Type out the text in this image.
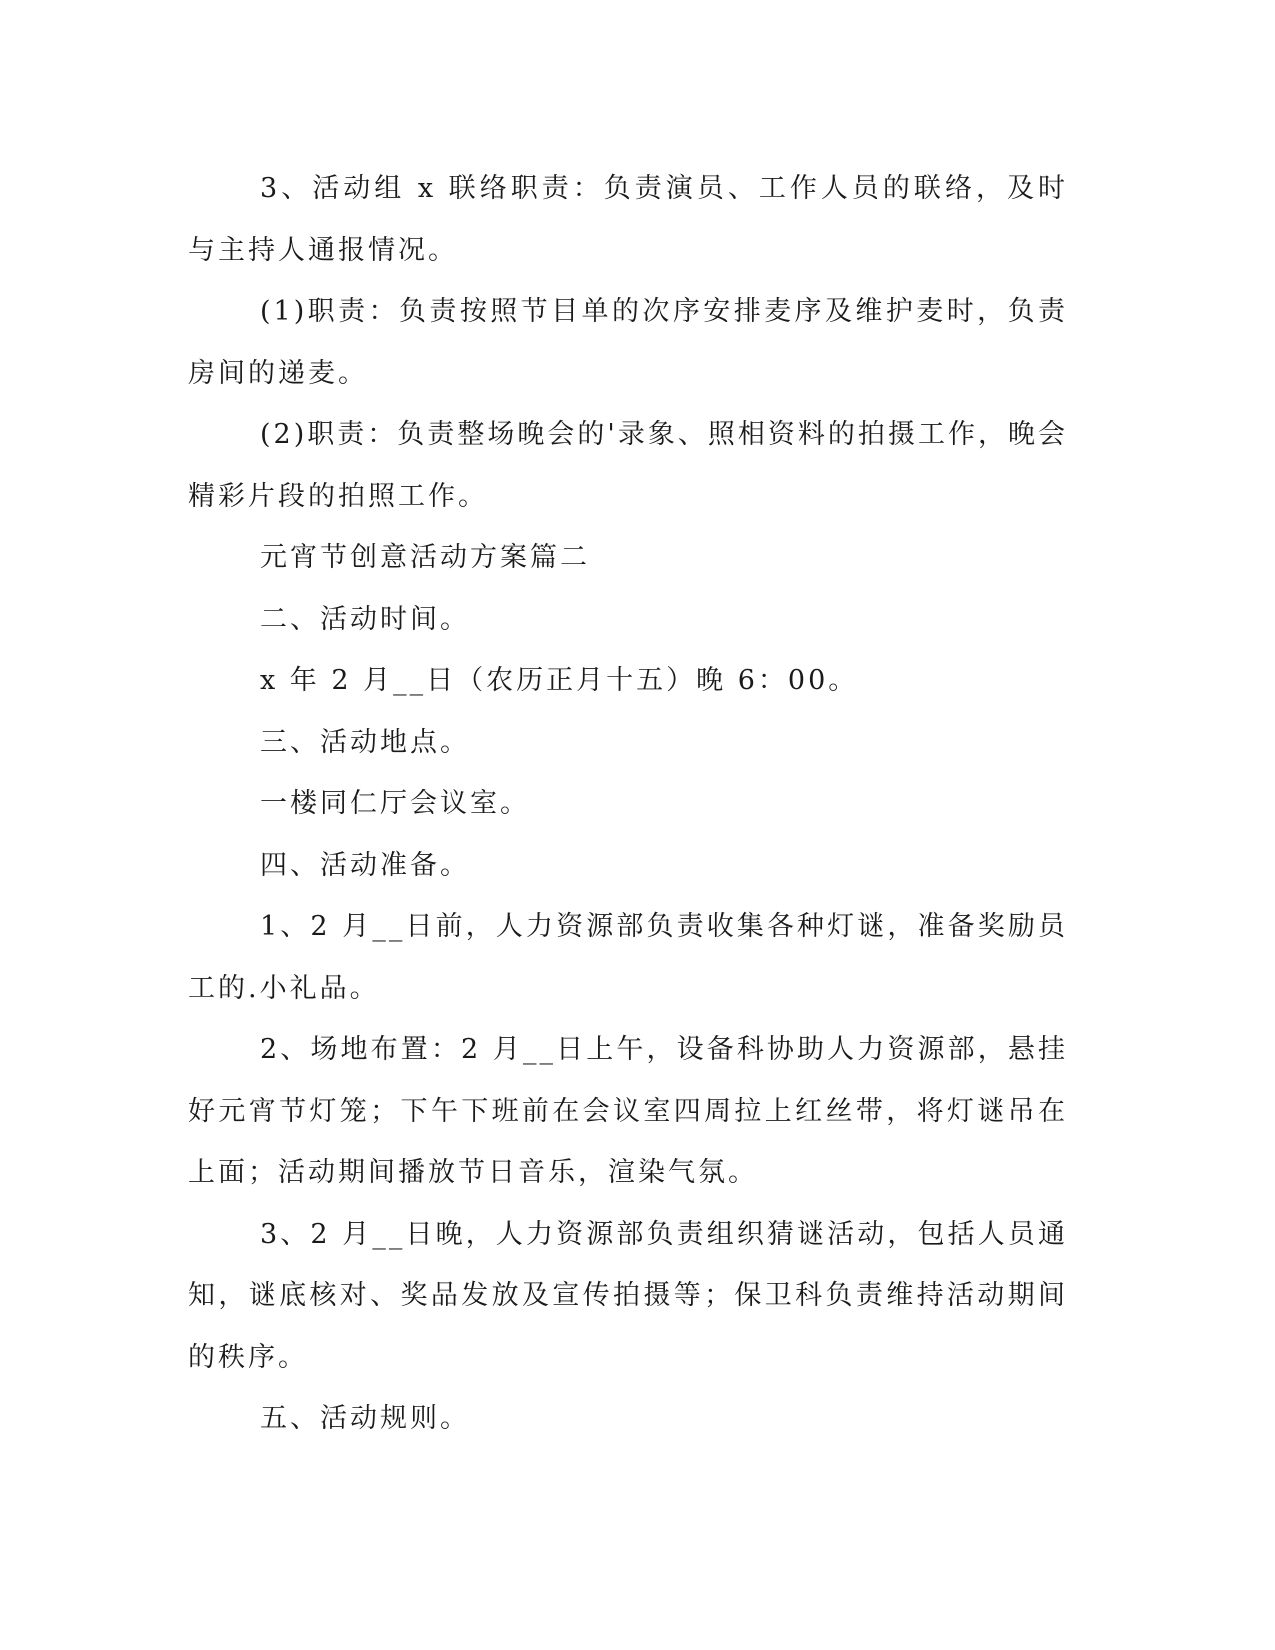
3、活动组 x 联络职责：负责演员、工作人员的联络，及时与主持人通报情况。

(1)职责：负责按照节目单的次序安排麦序及维护麦时，负责房间的递麦。

(2)职责：负责整场晚会的'录象、照相资料的拍摄工作，晚会精彩片段的拍照工作。

元宵节创意活动方案篇二

二、活动时间。

x 年 2 月__日（农历正月十五）晚 6：00。

三、活动地点。

一楼同仁厅会议室。

四、活动准备。

1、2 月__日前，人力资源部负责收集各种灯谜，准备奖励员工的.小礼品。

2、场地布置：2 月__日上午，设备科协助人力资源部，悬挂好元宵节灯笼；下午下班前在会议室四周拉上红丝带，将灯谜吊在上面；活动期间播放节日音乐，渲染气氛。

3、2 月__日晚，人力资源部负责组织猜谜活动，包括人员通知，谜底核对、奖品发放及宣传拍摄等；保卫科负责维持活动期间的秩序。

五、活动规则。
